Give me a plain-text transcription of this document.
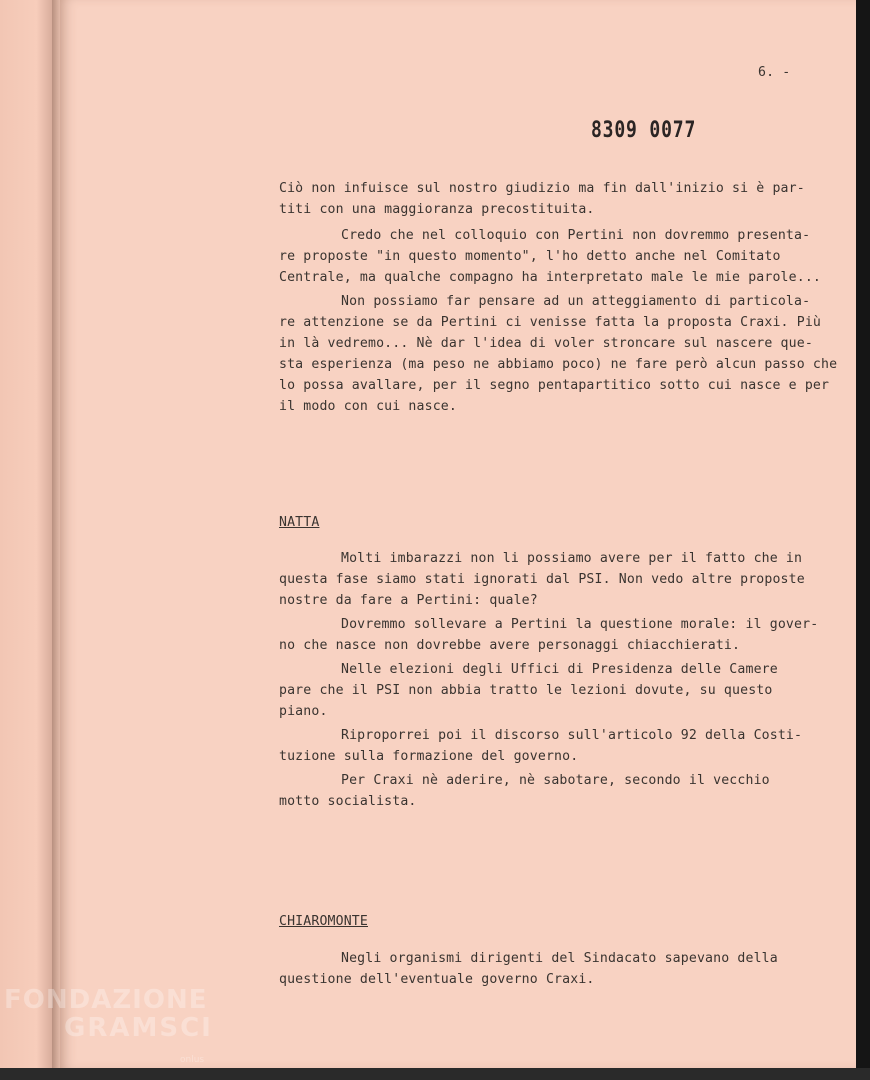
6. -
8309 0077
Ciò non infuisce sul nostro giudizio ma fin dall'inizio si è par-
titi con una maggioranza precostituita.
Credo che nel colloquio con Pertini non dovremmo presenta-
re proposte "in questo momento", l'ho detto anche nel Comitato
Centrale, ma qualche compagno ha interpretato male le mie parole...
Non possiamo far pensare ad un atteggiamento di particola-
re attenzione se da Pertini ci venisse fatta la proposta Craxi. Più
in là vedremo... Nè dar l'idea di voler stroncare sul nascere que-
sta esperienza (ma peso ne abbiamo poco) ne fare però alcun passo che
lo possa avallare, per il segno pentapartitico sotto cui nasce e per
il modo con cui nasce.
NATTA
Molti imbarazzi non li possiamo avere per il fatto che in
questa fase siamo stati ignorati dal PSI. Non vedo altre proposte
nostre da fare a Pertini: quale?
Dovremmo sollevare a Pertini la questione morale: il gover-
no che nasce non dovrebbe avere personaggi chiacchierati.
Nelle elezioni degli Uffici di Presidenza delle Camere
pare che il PSI non abbia tratto le lezioni dovute, su questo
piano.
Riproporrei poi il discorso sull'articolo 92 della Costi-
tuzione sulla formazione del governo.
Per Craxi nè aderire, nè sabotare, secondo il vecchio
motto socialista.
CHIAROMONTE
Negli organismi dirigenti del Sindacato sapevano della
questione dell'eventuale governo Craxi.
FONDAZIONE
GRAMSCI
onlus
